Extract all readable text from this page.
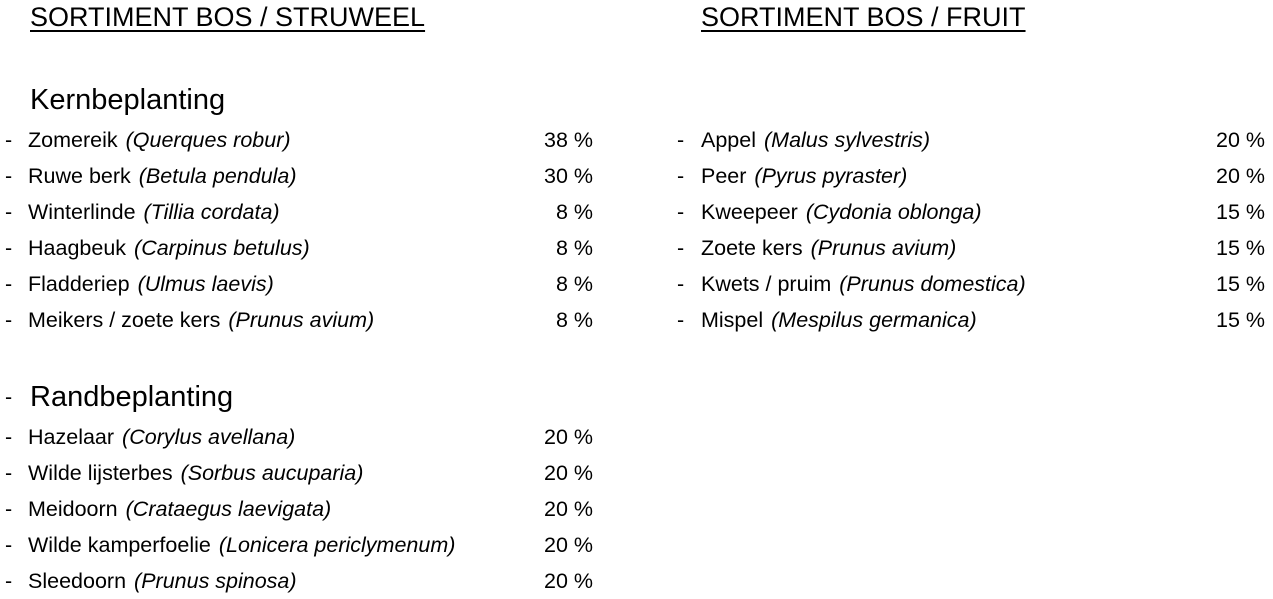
SORTIMENT BOS / STRUWEEL	SORTIMENT BOS / FRUIT
Kernbeplanting
- Randbeplanting
- Zomereik (Querques robur)	38 %
- Ruwe berk (Betula pendula)	30 %
- Winterlinde (Tillia cordata)	8 %
- Haagbeuk (Carpinus betulus)	8 %
- Fladderiep (Ulmus laevis)	8 %
- Meikers / zoete kers (Prunus avium)	8 %
- Hazelaar (Corylus avellana)	20 %
- Wilde lijsterbes (Sorbus aucuparia)	20 %
- Meidoorn (Crataegus laevigata)	20 %
- Wilde kamperfoelie (Lonicera periclymenum)	20 %
- Sleedoorn (Prunus spinosa)	20 %
- Appel (Malus sylvestris)	20 %
- Peer (Pyrus pyraster)	20 %
- Kweepeer (Cydonia oblonga)	15 %
- Zoete kers (Prunus avium)	15 %
- Kwets / pruim (Prunus domestica)	15 %
- Mispel (Mespilus germanica)	15 %
